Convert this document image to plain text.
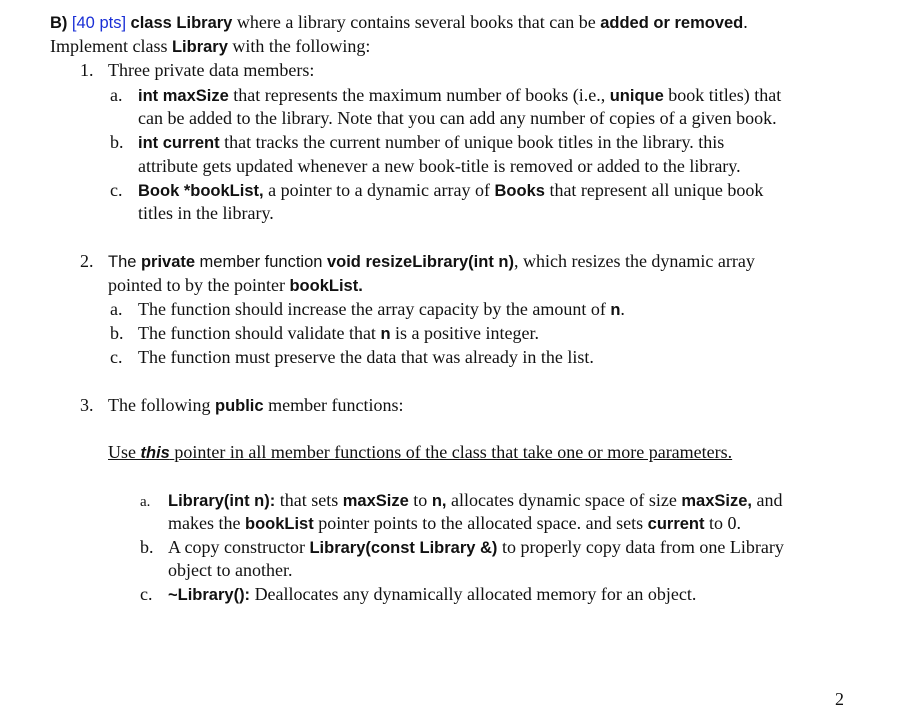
B) [40 pts] class Library where a library contains several books that can be added or removed.
Implement class Library with the following:
1. Three private data members:
a. int maxSize that represents the maximum number of books (i.e., unique book titles) that
can be added to the library. Note that you can add any number of copies of a given book.
b. int current that tracks the current number of unique book titles in the library. this
attribute gets updated whenever a new book-title is removed or added to the library.
c. Book *bookList, a pointer to a dynamic array of Books that represent all unique book
titles in the library.
2. The private member function void resizeLibrary(int n), which resizes the dynamic array
pointed to by the pointer bookList.
a. The function should increase the array capacity by the amount of n.
b. The function should validate that n is a positive integer.
c. The function must preserve the data that was already in the list.
3. The following public member functions:
Use this pointer in all member functions of the class that take one or more parameters.
a. Library(int n): that sets maxSize to n, allocates dynamic space of size maxSize, and
makes the bookList pointer points to the allocated space. and sets current to 0.
b. A copy constructor Library(const Library &) to properly copy data from one Library
object to another.
c. ~Library(): Deallocates any dynamically allocated memory for an object.
2
